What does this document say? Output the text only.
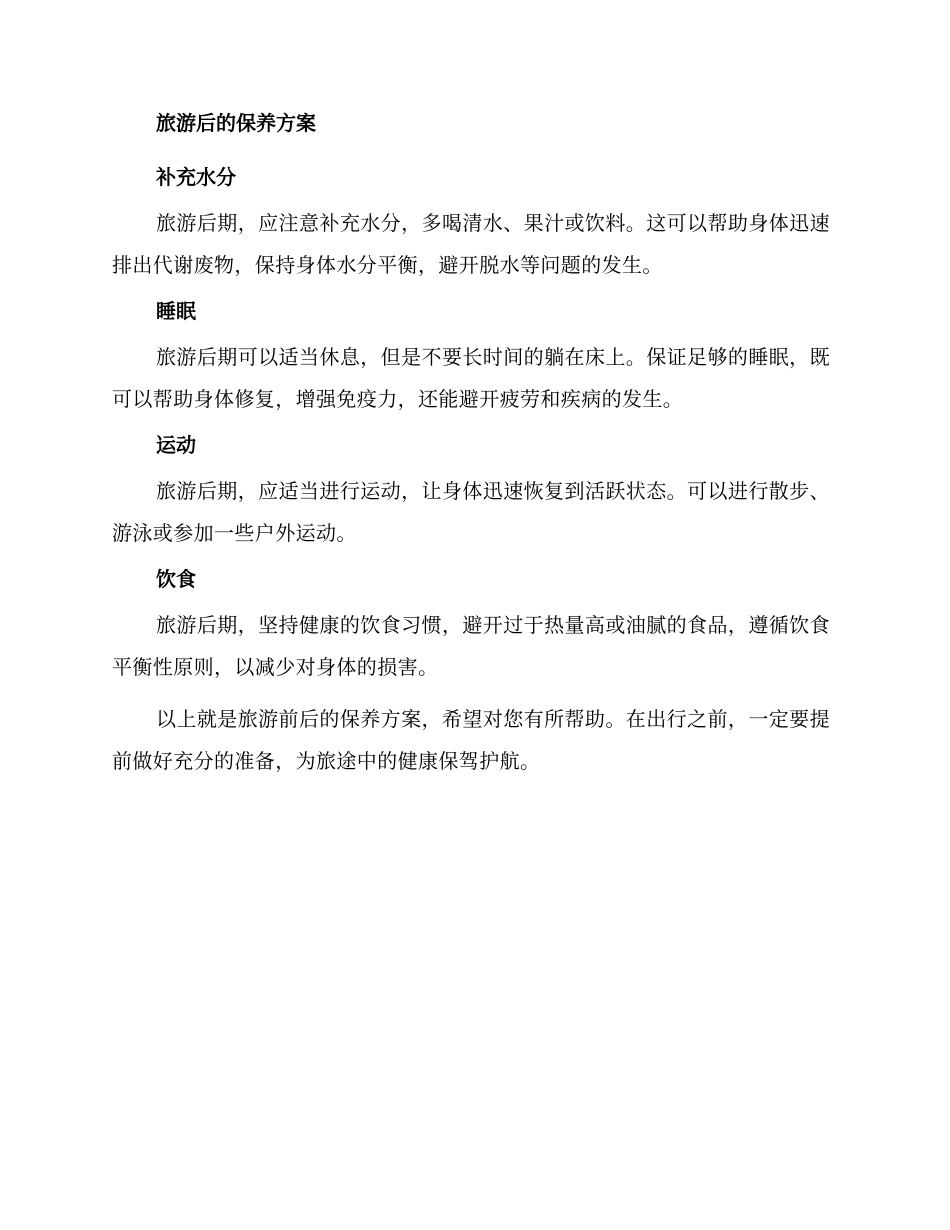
旅游后的保养方案
补充水分

旅游后期，应注意补充水分，多喝清水、果汁或饮料。这可以帮助身体迅速排出代谢废物，保持身体水分平衡，避开脱水等问题的发生。

睡眠

旅游后期可以适当休息，但是不要长时间的躺在床上。保证足够的睡眠，既可以帮助身体修复，增强免疫力，还能避开疲劳和疾病的发生。

运动

旅游后期，应适当进行运动，让身体迅速恢复到活跃状态。可以进行散步、游泳或参加一些户外运动。

饮食

旅游后期，坚持健康的饮食习惯，避开过于热量高或油腻的食品，遵循饮食平衡性原则，以减少对身体的损害。

以上就是旅游前后的保养方案，希望对您有所帮助。在出行之前，一定要提前做好充分的准备，为旅途中的健康保驾护航。
